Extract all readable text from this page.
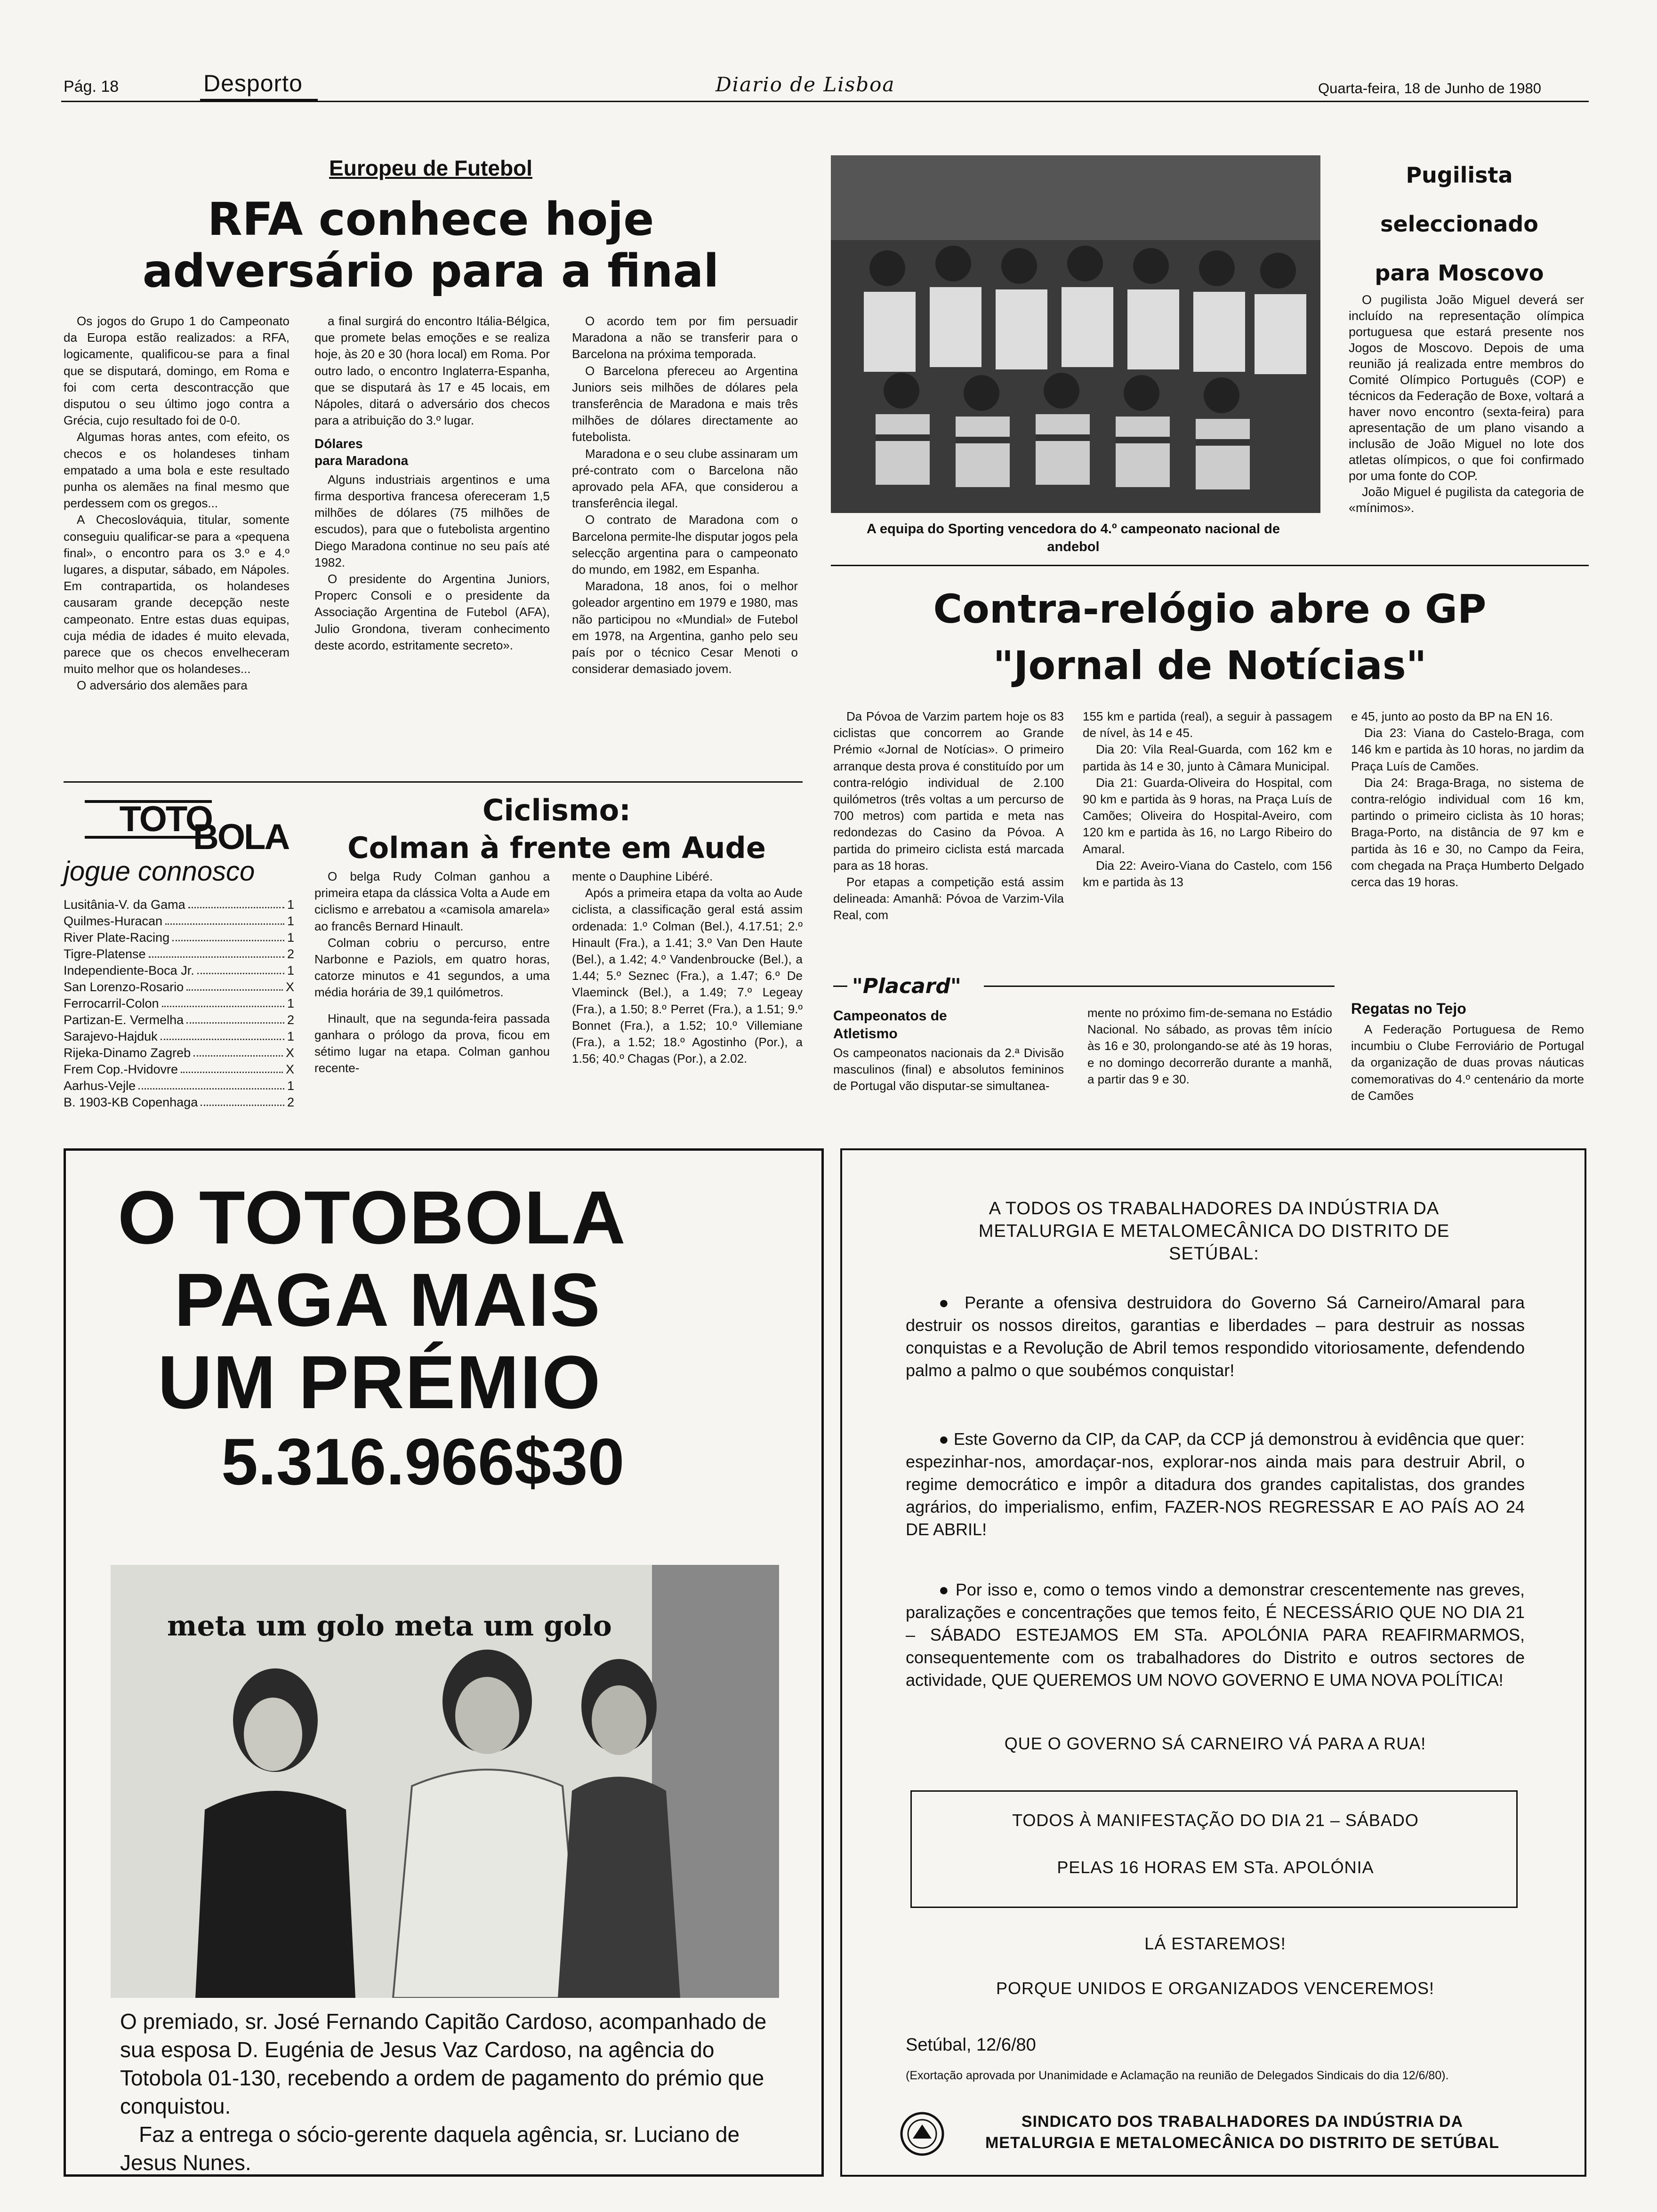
Pág. 18	Desporto	Diario de Lisboa	Quarta-feira, 18 de Junho de 1980
Europeu de Futebol
RFA conhece hoje
adversário para a final

Os jogos do Grupo 1 do Campeonato da Europa estão realizados: a RFA, logicamente, qualificou-se para a final que se disputará, domingo, em Roma e foi com certa descontracção que disputou o seu último jogo contra a Grécia, cujo resultado foi de 0-0.

Algumas horas antes, com efeito, os checos e os holandeses tinham empatado a uma bola e este resultado punha os alemães na final mesmo que perdessem com os gregos...

A Checoslováquia, titular, somente conseguiu qualificar-se para a «pequena final», o encontro para os 3.º e 4.º lugares, a disputar, sábado, em Nápoles. Em contrapartida, os holandeses causaram grande decepção neste campeonato. Entre estas duas equipas, cuja média de idades é muito elevada, parece que os checos envelheceram muito melhor que os holandeses...

O adversário dos alemães para

a final surgirá do encontro Itália-Bélgica, que promete belas emoções e se realiza hoje, às 20 e 30 (hora local) em Roma. Por outro lado, o encontro Inglaterra-Espanha, que se disputará às 17 e 45 locais, em Nápoles, ditará o adversário dos checos para a atribuição do 3.º lugar.

Dólares
para Maradona

Alguns industriais argentinos e uma firma desportiva francesa ofereceram 1,5 milhões de dólares (75 milhões de escudos), para que o futebolista argentino Diego Maradona continue no seu país até 1982.

O presidente do Argentina Juniors, Properc Consoli e o presidente da Associação Argentina de Futebol (AFA), Julio Grondona, tiveram conhecimento deste acordo, estritamente secreto».

O acordo tem por fim persuadir Maradona a não se transferir para o Barcelona na próxima temporada.

O Barcelona pfereceu ao Argentina Juniors seis milhões de dólares pela transferência de Maradona e mais três milhões de dólares directamente ao futebolista.

Maradona e o seu clube assinaram um pré-contrato com o Barcelona não aprovado pela AFA, que considerou a transferência ilegal.

O contrato de Maradona com o Barcelona permite-lhe disputar jogos pela selecção argentina para o campeonato do mundo, em 1982, em Espanha.

Maradona, 18 anos, foi o melhor goleador argentino em 1979 e 1980, mas não participou no «Mundial» de Futebol em 1978, na Argentina, ganho pelo seu país por o técnico Cesar Menoti o considerar demasiado jovem.

A equipa do Sporting vencedora do 4.º campeonato nacional de andebol
Pugilista
seleccionado
para Moscovo

O pugilista João Miguel deverá ser incluído na representação olímpica portuguesa que estará presente nos Jogos de Moscovo. Depois de uma reunião já realizada entre membros do Comité Olímpico Português (COP) e técnicos da Federação de Boxe, voltará a haver novo encontro (sexta-feira) para apresentação de um plano visando a inclusão de João Miguel no lote dos atletas olímpicos, o que foi confirmado por uma fonte do COP.

João Miguel é pugilista da categoria de «mínimos».

Contra-relógio abre o GP
"Jornal de Notícias"

Da Póvoa de Varzim partem hoje os 83 ciclistas que concorrem ao Grande Prémio «Jornal de Notícias». O primeiro arranque desta prova é constituído por um contra-relógio individual de 2.100 quilómetros (três voltas a um percurso de 700 metros) com partida e meta nas redondezas do Casino da Póvoa. A partida do primeiro ciclista está marcada para as 18 horas.

Por etapas a competição está assim delineada: Amanhã: Póvoa de Varzim-Vila Real, com

155 km e partida (real), a seguir à passagem de nível, às 14 e 45.

Dia 20: Vila Real-Guarda, com 162 km e partida às 14 e 30, junto à Câmara Municipal.

Dia 21: Guarda-Oliveira do Hospital, com 90 km e partida às 9 horas, na Praça Luís de Camões; Oliveira do Hospital-Aveiro, com 120 km e partida às 16, no Largo Ribeiro do Amaral.

Dia 22: Aveiro-Viana do Castelo, com 156 km e partida às 13

e 45, junto ao posto da BP na EN 16.

Dia 23: Viana do Castelo-Braga, com 146 km e partida às 10 horas, no jardim da Praça Luís de Camões.

Dia 24: Braga-Braga, no sistema de contra-relógio individual com 16 km, partindo o primeiro ciclista às 10 horas; Braga-Porto, na distância de 97 km e partida às 16 e 30, no Campo da Feira, com chegada na Praça Humberto Delgado cerca das 19 horas.

TOTO
BOLA
jogue connosco
Lusitânia-V. da Gama	1
Quilmes-Huracan	1
River Plate-Racing	1
Tigre-Platense	2
Independiente-Boca Jr.	1
San Lorenzo-Rosario	X
Ferrocarril-Colon	1
Partizan-E. Vermelha	2
Sarajevo-Hajduk	1
Rijeka-Dinamo Zagreb	X
Frem Cop.-Hvidovre	X
Aarhus-Vejle	1
B. 1903-KB Copenhaga	2
Ciclismo:
Colman à frente em Aude

O belga Rudy Colman ganhou a primeira etapa da clássica Volta a Aude em ciclismo e arrebatou a «camisola amarela» ao francês Bernard Hinault.

Colman cobriu o percurso, entre Narbonne e Paziols, em quatro horas, catorze minutos e 41 segundos, a uma média horária de 39,1 quilómetros.

Hinault, que na segunda-feira passada ganhara o prólogo da prova, ficou em sétimo lugar na etapa. Colman ganhou recente-

mente o Dauphine Libéré.

Após a primeira etapa da volta ao Aude ciclista, a classificação geral está assim ordenada: 1.º Colman (Bel.), 4.17.51; 2.º Hinault (Fra.), a 1.41; 3.º Van Den Haute (Bel.), a 1.42; 4.º Vandenbroucke (Bel.), a 1.44; 5.º Seznec (Fra.), a 1.47; 6.º De Vlaeminck (Bel.), a 1.49; 7.º Legeay (Fra.), a 1.50; 8.º Perret (Fra.), a 1.51; 9.º Bonnet (Fra.), a 1.52; 10.º Villemiane (Fra.), a 1.52; 18.º Agostinho (Por.), a 1.56; 40.º Chagas (Por.), a 2.02.

"Placard"
Campeonatos de Atletismo
Os campeonatos nacionais da 2.ª Divisão masculinos (final) e absolutos femininos de Portugal vão disputar-se simultanea-
mente no próximo fim-de-semana no Estádio Nacional. No sábado, as provas têm início às 16 e 30, prolongando-se até às 19 horas, e no domingo decorrerão durante a manhã, a partir das 9 e 30.
Regatas no Tejo
A Federação Portuguesa de Remo incumbiu o Clube Ferroviário de Portugal da organização de duas provas náuticas comemorativas do 4.º centenário da morte de Camões
O TOTOBOLA
PAGA MAIS
UM PRÉMIO
5.316.966$30
meta um golo meta um golo
O premiado, sr. José Fernando Capitão Cardoso, acompanhado de sua esposa D. Eugénia de Jesus Vaz Cardoso, na agência do Totobola 01-130, recebendo a ordem de pagamento do prémio que conquistou.
Faz a entrega o sócio-gerente daquela agência, sr. Luciano de Jesus Nunes.
A TODOS OS TRABALHADORES DA INDÚSTRIA DA METALURGIA E METALOMECÂNICA DO DISTRITO DE SETÚBAL:
● Perante a ofensiva destruidora do Governo Sá Carneiro/Amaral para destruir os nossos direitos, garantias e liberdades – para destruir as nossas conquistas e a Revolução de Abril temos respondido vitoriosamente, defendendo palmo a palmo o que soubémos conquistar!
● Este Governo da CIP, da CAP, da CCP já demonstrou à evidência que quer: espezinhar-nos, amordaçar-nos, explorar-nos ainda mais para destruir Abril, o regime democrático e impôr a ditadura dos grandes capitalistas, dos grandes agrários, do imperialismo, enfim, FAZER-NOS REGRESSAR E AO PAÍS AO 24 DE ABRIL!
● Por isso e, como o temos vindo a demonstrar crescentemente nas greves, paralizações e concentrações que temos feito, É NECESSÁRIO QUE NO DIA 21 – SÁBADO ESTEJAMOS EM STa. APOLÓNIA PARA REAFIRMARMOS, consequentemente com os trabalhadores do Distrito e outros sectores de actividade, QUE QUEREMOS UM NOVO GOVERNO E UMA NOVA POLÍTICA!
QUE O GOVERNO SÁ CARNEIRO VÁ PARA A RUA!
TODOS À MANIFESTAÇÃO DO DIA 21 – SÁBADO
PELAS 16 HORAS EM STa. APOLÓNIA
LÁ ESTAREMOS!
PORQUE UNIDOS E ORGANIZADOS VENCEREMOS!
Setúbal, 12/6/80
(Exortação aprovada por Unanimidade e Aclamação na reunião de Delegados Sindicais do dia 12/6/80).
SINDICATO DOS TRABALHADORES DA INDÚSTRIA DA
METALURGIA E METALOMECÂNICA DO DISTRITO DE SETÚBAL
